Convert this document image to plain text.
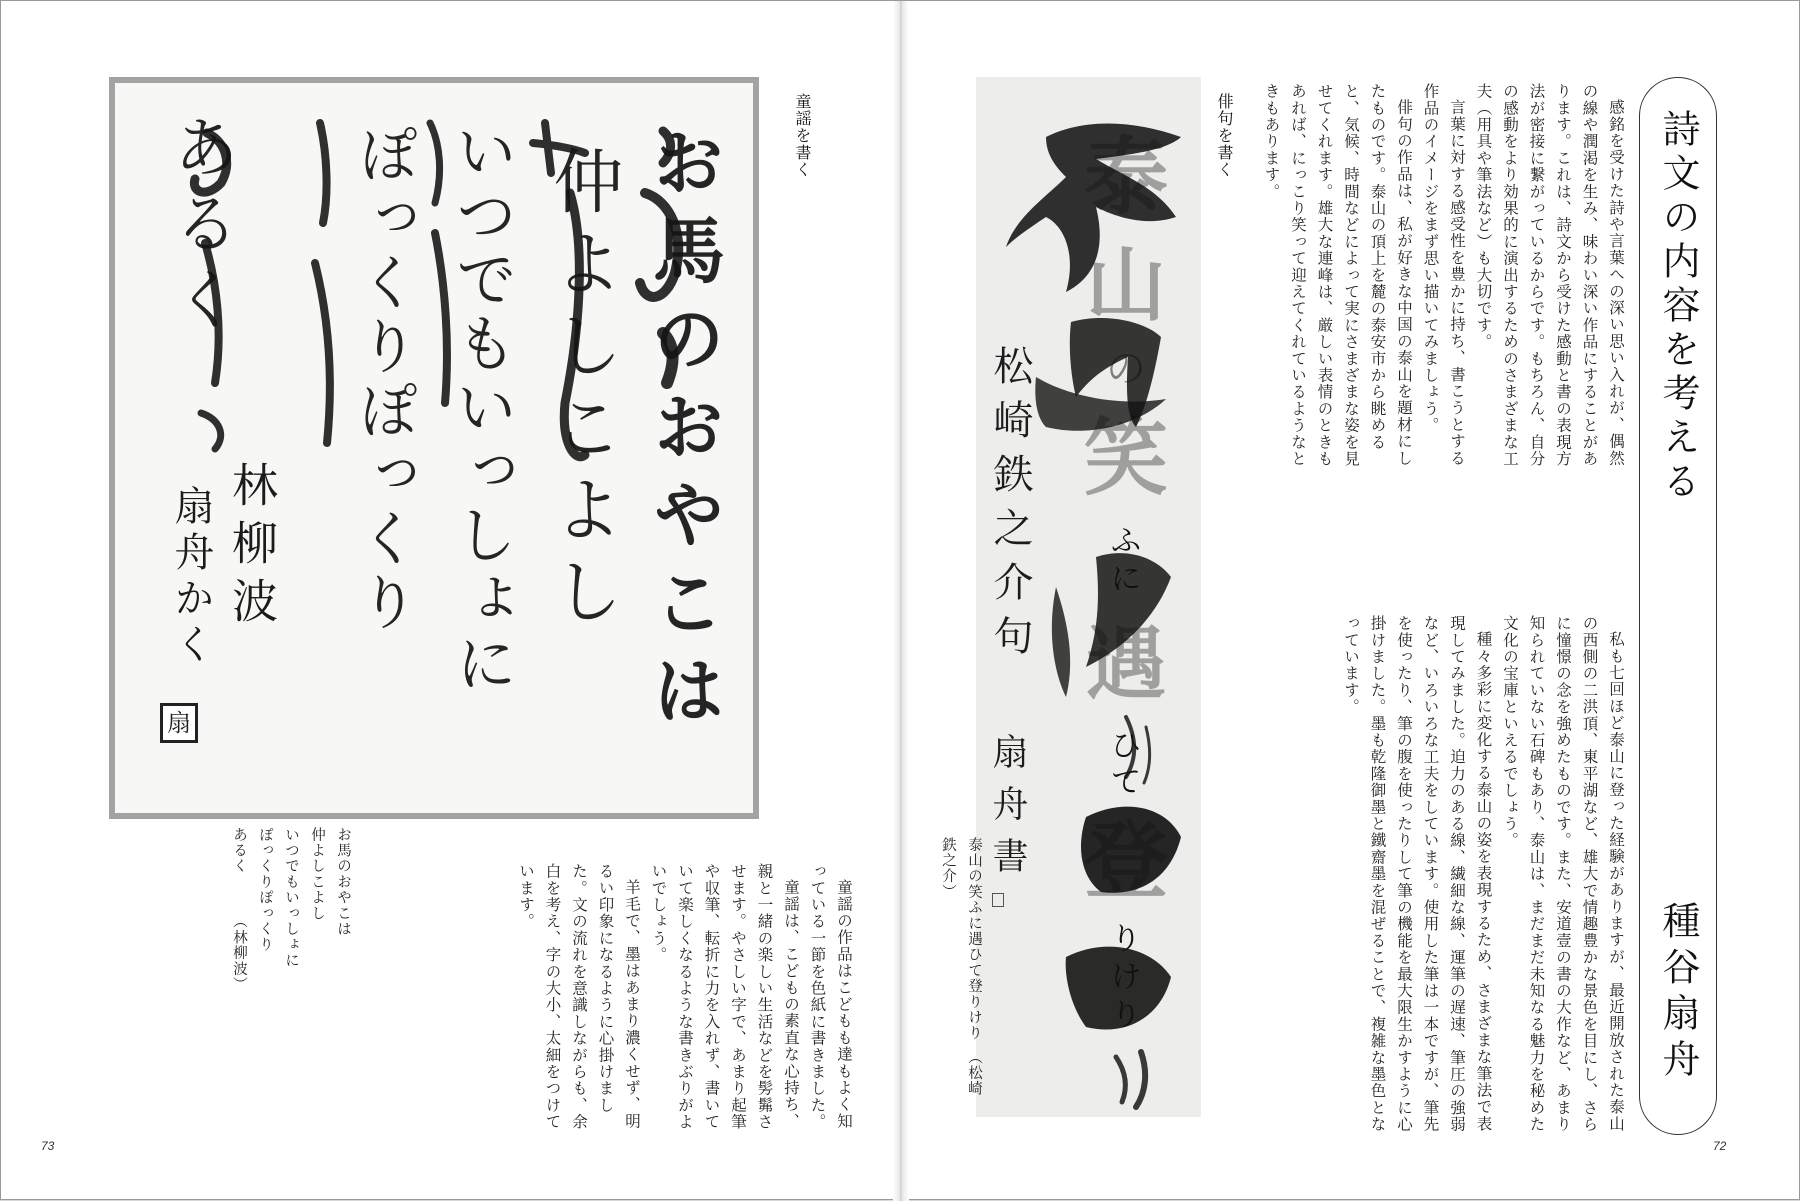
お馬のおやこは
仲よしこよし
いつでもいっしょに
ぽっくりぽっくり
あるく
林柳波
扇舟かく
扇
童謡を書く
お馬のおやこは
仲よしこよし
いつでもいっしょに
ぽっくりぽっくり
あるく　　　（林柳波）	童謡の作品はこどもも達もよく知っている一節を色紙に書きました。

童謡は、こどもの素直な心持ち、親と一緒の楽しい生活などを髣髴させます。やさしい字で、あまり起筆や収筆、転折に力を入れず、書いていて楽しくなるような書きぶりがよいでしょう。

羊毛で、墨はあまり濃くせず、明るい印象になるように心掛けました。文の流れを意識しながらも、余白を考え、字の大小、太細をつけています。

73
泰
山
の
笑
ふ
に
遇
ひ
て
登
り
け
り
松崎鉄之介句
扇舟書
泰山の笑ふに遇ひて登りけり　（松崎鉄之介）
俳句を書く	感銘を受けた詩や言葉への深い思い入れが、偶然の線や潤渇を生み、味わい深い作品にすることがあります。これは、詩文から受けた感動と書の表現方法が密接に繋がっているからです。もちろん、自分の感動をより効果的に演出するためのさまざまな工夫（用具や筆法など）も大切です。

言葉に対する感受性を豊かに持ち、書こうとする作品のイメージをまず思い描いてみましょう。

俳句の作品は、私が好きな中国の泰山を題材にしたものです。泰山の頂上を麓の泰安市から眺めると、気候、時間などによって実にさまざまな姿を見せてくれます。雄大な連峰は、厳しい表情のときもあれば、にっこり笑って迎えてくれているようなときもあります。

私も七回ほど泰山に登った経験がありますが、最近開放された泰山の西側の二洪頂、東平湖など、雄大で情趣豊かな景色を目にし、さらに憧憬の念を強めたものです。また、安道壹の書の大作など、あまり知られていない石碑もあり、泰山は、まだまだ未知なる魅力を秘めた文化の宝庫といえるでしょう。

種々多彩に変化する泰山の姿を表現するため、さまざまな筆法で表現してみました。迫力のある線、繊細な線、運筆の遅速、筆圧の強弱など、いろいろな工夫をしています。使用した筆は一本ですが、筆先を使ったり、筆の腹を使ったりして筆の機能を最大限生かすように心掛けました。墨も乾隆御墨と鐵齋墨を混ぜることで、複雑な墨色となっています。

詩文の内容を考える
種谷扇舟
72
